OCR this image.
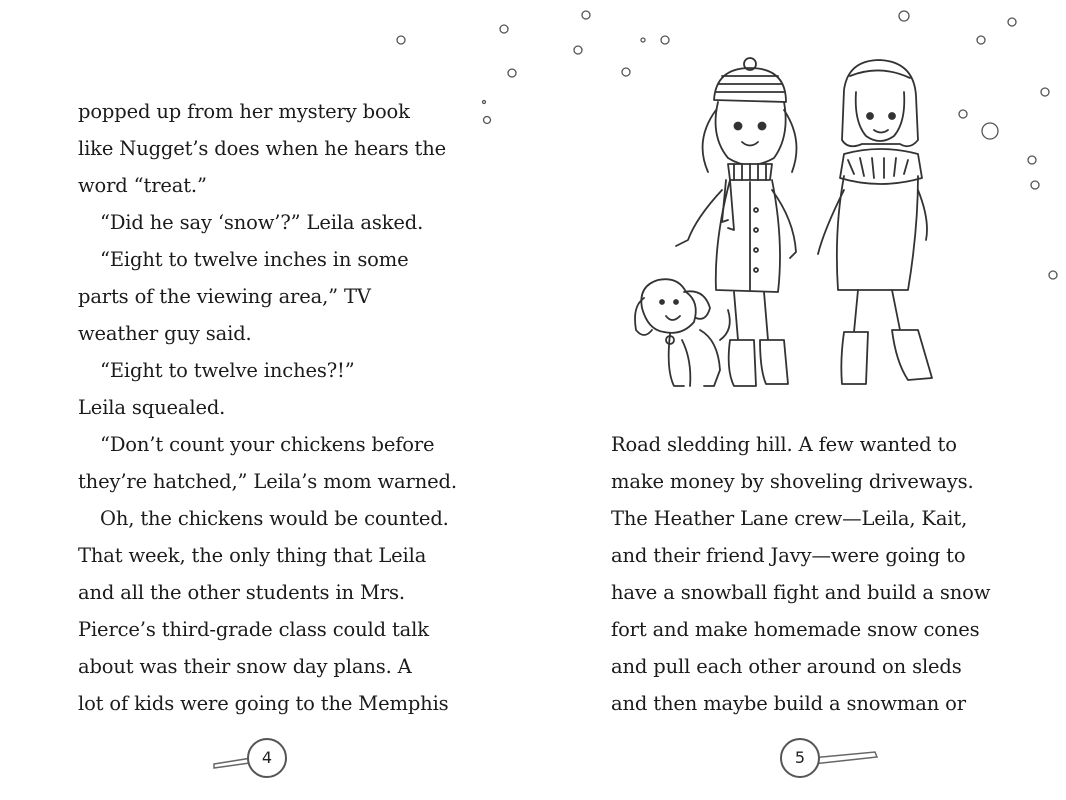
popped up from her mystery book
like Nugget’s does when he hears the
word “treat.”
“Did he say ‘snow’?” Leila asked.
“Eight to twelve inches in some
parts of the viewing area,” TV
weather guy said.
“Eight to twelve inches?!”
Leila squealed.
“Don’t count your chickens before
they’re hatched,” Leila’s mom warned.
Oh, the chickens would be counted.
That week, the only thing that Leila
and all the other students in Mrs.
Pierce’s third-grade class could talk
about was their snow day plans. A
lot of kids were going to the Memphis
4
Road sledding hill. A few wanted to
make money by shoveling driveways.
The Heather Lane crew—Leila, Kait,
and their friend Javy—were going to
have a snowball fight and build a snow
fort and make homemade snow cones
and pull each other around on sleds
and then maybe build a snowman or
5
